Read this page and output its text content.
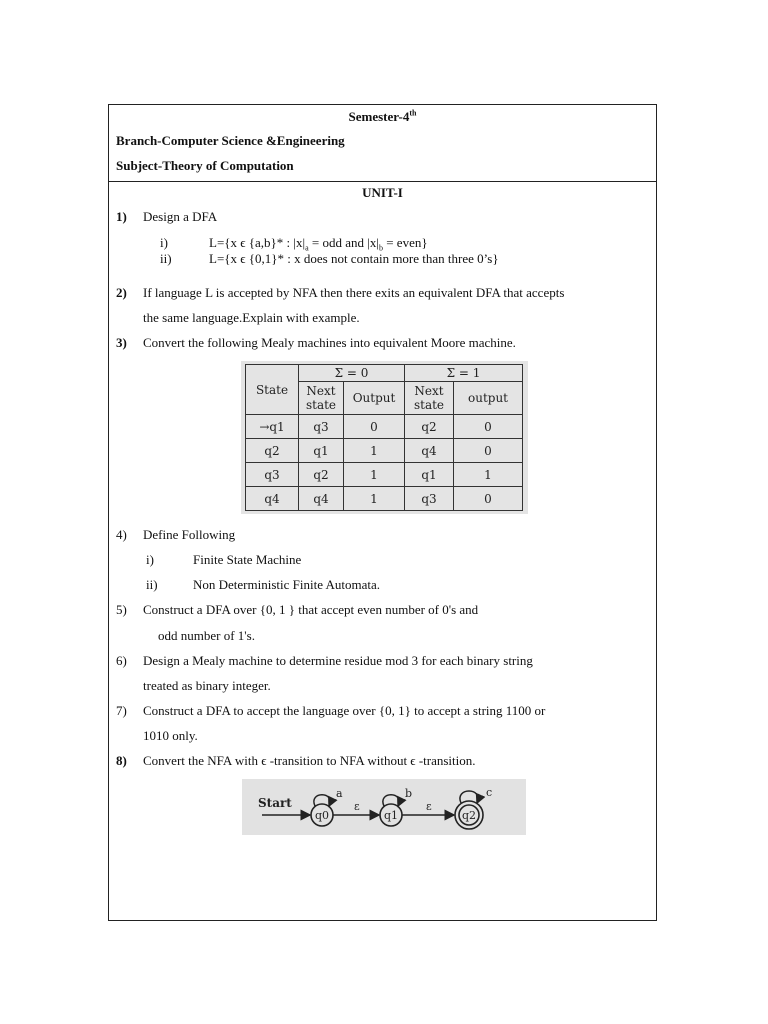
Semester-4th
Branch-Computer Science &Engineering
Subject-Theory of Computation
UNIT-I
1) Design a DFA
i)	L={x ϵ {a,b}* : $|x|_a$ = odd and $|x|_b$ = even}
ii)	L={x ϵ {0,1}* : x does not contain more than three 0’s}
2) If language L is accepted by NFA then there exits an equivalent DFA that accepts
the same language.Explain with example.
3) Convert the following Mealy machines into equivalent Moore machine.
State	Σ = 0		Σ = 1	
	Next state	Output	Next state	output
→q1	q3	0	q2	0
q2	q1	1	q4	0
q3	q2	1	q1	1
q4	q4	1	q3	0
4) Define Following
i)	Finite State Machine
ii)	Non Deterministic Finite Automata.
5) Construct a DFA over {0, 1 } that accept even number of 0's and
odd number of 1's.
6) Design a Mealy machine to determine residue mod 3 for each binary string
treated as binary integer.
7) Construct a DFA to accept the language over {0, 1} to accept a string 1100 or
1010 only.
8) Convert the NFA with ϵ -transition to NFA without ϵ -transition.
Start
q0
a
ε
q1
b
ε
q2
c
